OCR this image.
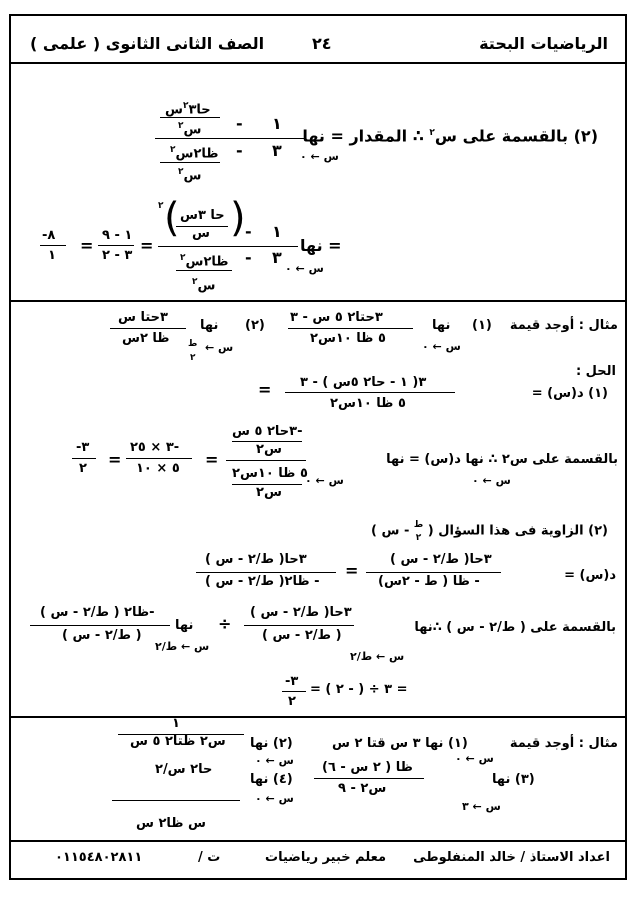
الرياضيات البحتة
٢٤
الصف الثانى الثانوى ( علمى )
(٢) بالقسمة على س$^٢$ ∴ المقدار = نها
س ← ٠
حا$^٢$٣س
س$^٢$	١
-
٣
-
ظا٢س$^٢$
س$^٢$
= نها
س ← ٠
)
(
٢
حا ٣س
س	١
-
٣
-
ظا٢س$^٢$
س$^٢$
=
١ - ٩
٣ - ٢
=
-٨
١
مثال : أوجد قيمة
(١)
نها
س ← ٠
٣حتا٢ ٥ س - ٣
٥ ظا ١٠س٢
(٢)
نها
س ←
ط
٢
٣حتا س
ظا ٢س
الحل :
(١) د(س) =
٣( ١ - حا٢ ٥س ) - ٣
٥ ظا ١٠س٢
=
بالقسمة على س٢ ∴ نها د(س) = نها
س ← ٠
س ← ٠
-٣حا٢ ٥ س
س٢
٥ ظا ١٠س٢
س٢
=
-٣ × ٢٥
٥ × ١٠
=
-٣
٢
(٢) الزاوية فى هذا السؤال ( ط
٢ - س )
د(س) =
٣حا( ط/٢ - س )
- ظا ( ط - ٢س)
=
٣حا( ط/٢ - س )
- ظا٢( ط/٢ - س )
بالقسمة على ( ط/٢ - س ) ∴نها
س ← ط/٢
٣حا( ط/٢ - س )
( ط/٢ - س )
÷
نها
س ← ط/٢
-ظا٢ ( ط/٢ - س )
( ط/٢ - س )
= ٣ ÷ ( - ٢ ) =
-٣
٢
مثال : أوجد قيمة
(١) نها ٣ س قتا ٢ س
س ← ٠
(٢) نها
س ← ٠
١
س٢ ظتا٢ ٥ س
(٣) نها
س ← ٣
ظا ( ٢ س - ٦)
س٢ - ٩
(٤) نها
س ← ٠
حا٢ س/٢
س ظا٢ س
اعداد الاستاذ / خالد المنفلوطى
معلم خبير رياضيات
ت /
٠١١٥٤٨٠٢٨١١
